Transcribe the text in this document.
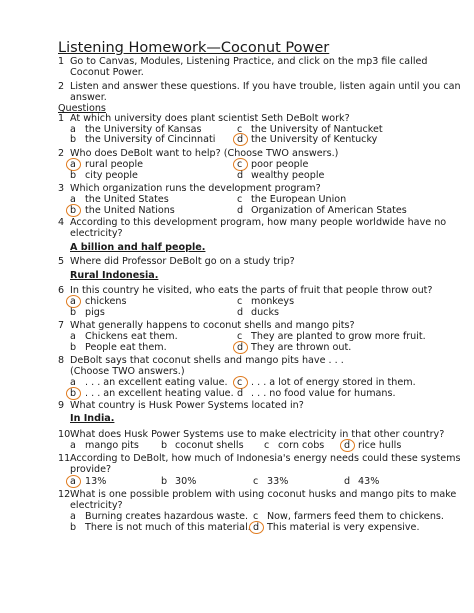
Listening Homework—Coconut Power
1 Go to Canvas, Modules, Listening Practice, and click on the mp3 file called
Coconut Power.
2 Listen and answer these questions. If you have trouble, listen again until you can
answer.
Questions
1 At which university does plant scientist Seth DeBolt work?
a the University of Kansas	c the University of Nantucket
b the University of Cincinnati d the University of Kentucky
2 Who does DeBolt want to help? (Choose TWO answers.)
a rural people	c poor people
b city people	d wealthy people
3 Which organization runs the development program?
a the United States	c the European Union
b the United Nations	d Organization of American States
4 According to this development program, how many people worldwide have no
electricity?
A billion and half people.
5 Where did Professor DeBolt go on a study trip?
Rural Indonesia.
6 In this country he visited, who eats the parts of fruit that people throw out?
a chickens	c monkeys
b pigs	d ducks
7 What generally happens to coconut shells and mango pits?
a Chickens eat them.	c They are planted to grow more fruit.
b People eat them.	d They are thrown out.
8 DeBolt says that coconut shells and mango pits have . . .
(Choose TWO answers.)
a . . . an excellent eating value. c . . . a lot of energy stored in them.
b . . . an excellent heating value. d . . . no food value for humans.
9 What country is Husk Power Systems located in?
In India.
10 What does Husk Power Systems use to make electricity in that other country?
a mango pits b coconut shells c corn cobs d rice hulls
11 According to DeBolt, how much of Indonesia's energy needs could these systems
provide?
a 13%	b 30%	c 33%	d 43%
12 What is one possible problem with using coconut husks and mango pits to make
electricity?
a Burning creates hazardous waste. c Now, farmers feed them to chickens.
b There is not much of this material. d This material is very expensive.
